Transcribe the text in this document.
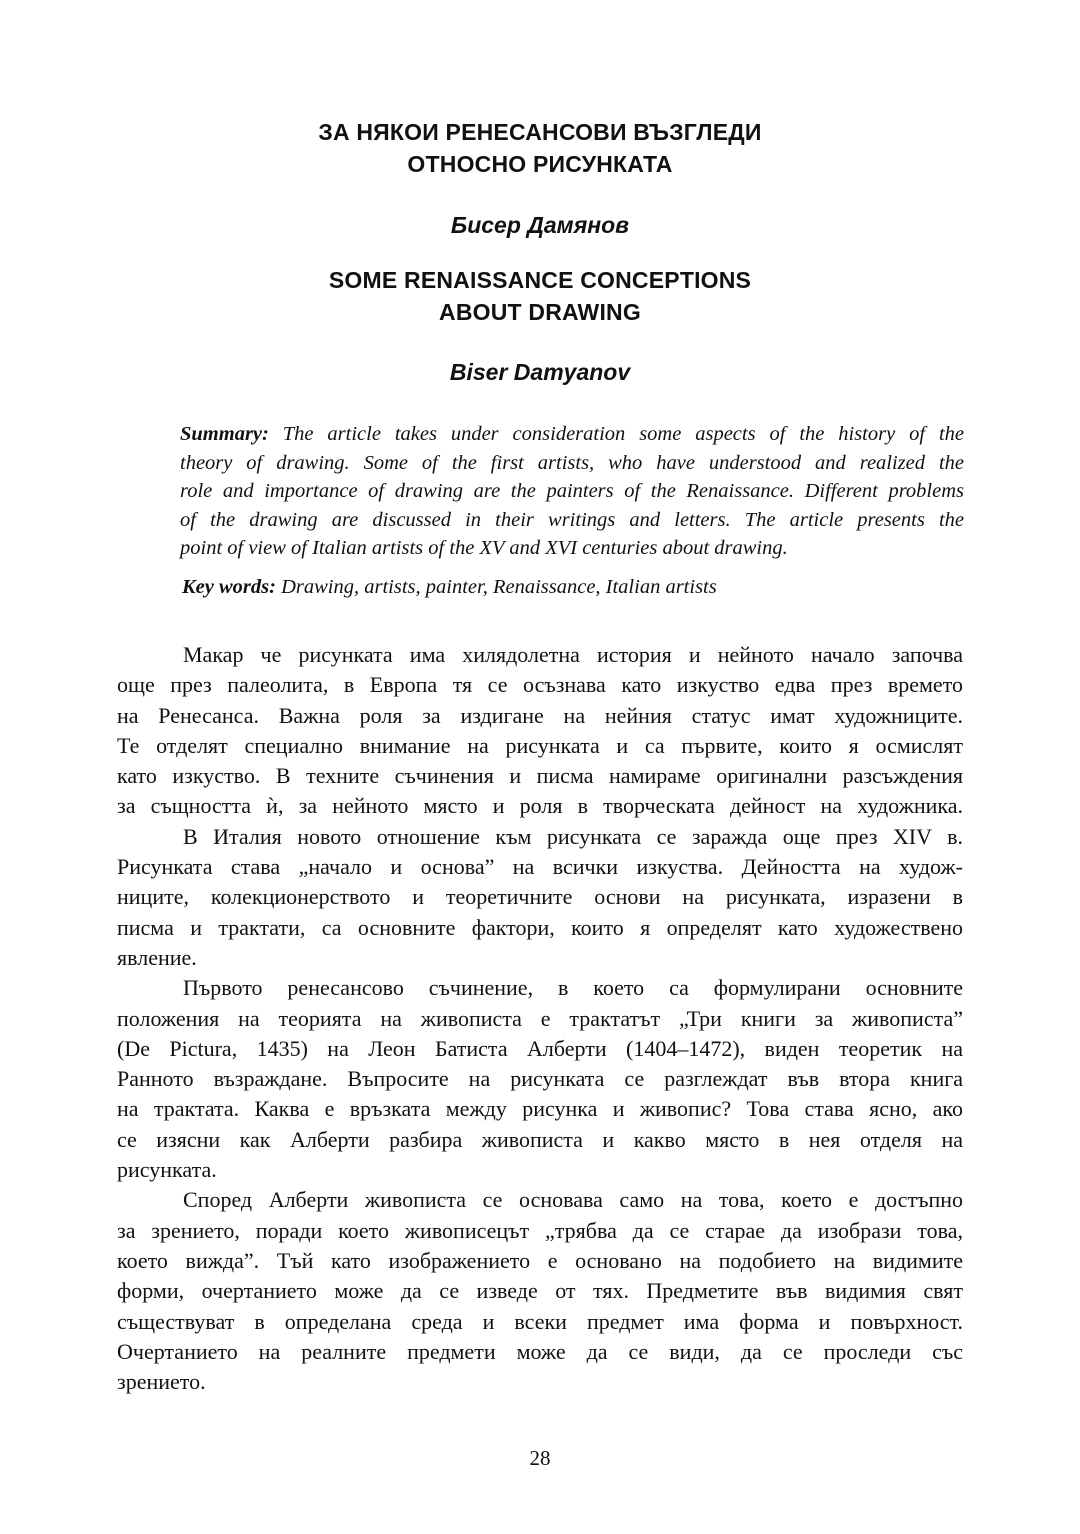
ЗА НЯКОИ РЕНЕСАНСОВИ ВЪЗГЛЕДИ
ОТНОСНО РИСУНКАТА
Бисер Дамянов
SOME RENAISSANCE CONCEPTIONS
ABOUT DRAWING
Biser Damyanov
Summary: The article takes under consideration some aspects of the history of the
theory of drawing. Some of the first artists, who have understood and realized the
role and importance of drawing are the painters of the Renaissance. Different problems
of the drawing are discussed in their writings and letters. The article presents the
point of view of Italian artists of the XV and XVI centuries about drawing.
Key words: Drawing, artists, painter, Renaissance, Italian artists
Макар че рисунката има хилядолетна история и нейното начало започва
още през палеолита, в Европа тя се осъзнава като изкуство едва през времето
на Ренесанса. Важна роля за издигане на нейния статус имат художниците.
Те отделят специално внимание на рисунката и са първите, които я осмислят
като изкуство. В техните съчинения и писма намираме оригинални разсъждения
за същността ѝ, за нейното място и роля в творческата дейност на художника.
В Италия новото отношение към рисунката се заражда още през XIV в.
Рисунката става „начало и основа” на всички изкуства. Дейността на худож-
ниците, колекционерството и теоретичните основи на рисунката, изразени в
писма и трактати, са основните фактори, които я определят като художествено
явление.
Първото ренесансово съчинение, в което са формулирани основните
положения на теорията на живописта е трактатът „Три книги за живописта”
(De Pictura, 1435) на Леон Батиста Алберти (1404–1472), виден теоретик на
Ранното възраждане. Въпросите на рисунката се разглеждат във втора книга
на трактата. Каква е връзката между рисунка и живопис? Това става ясно, ако
се изясни как Алберти разбира живописта и какво място в нея отделя на
рисунката.
Според Алберти живописта се основава само на това, което е достъпно
за зрението, поради което живописецът „трябва да се старае да изобрази това,
което вижда”. Тъй като изображението е основано на подобието на видимите
форми, очертанието може да се изведе от тях. Предметите във видимия свят
съществуват в определана среда и всеки предмет има форма и повърхност.
Очертанието на реалните предмети може да се види, да се проследи със
зрението.
28
